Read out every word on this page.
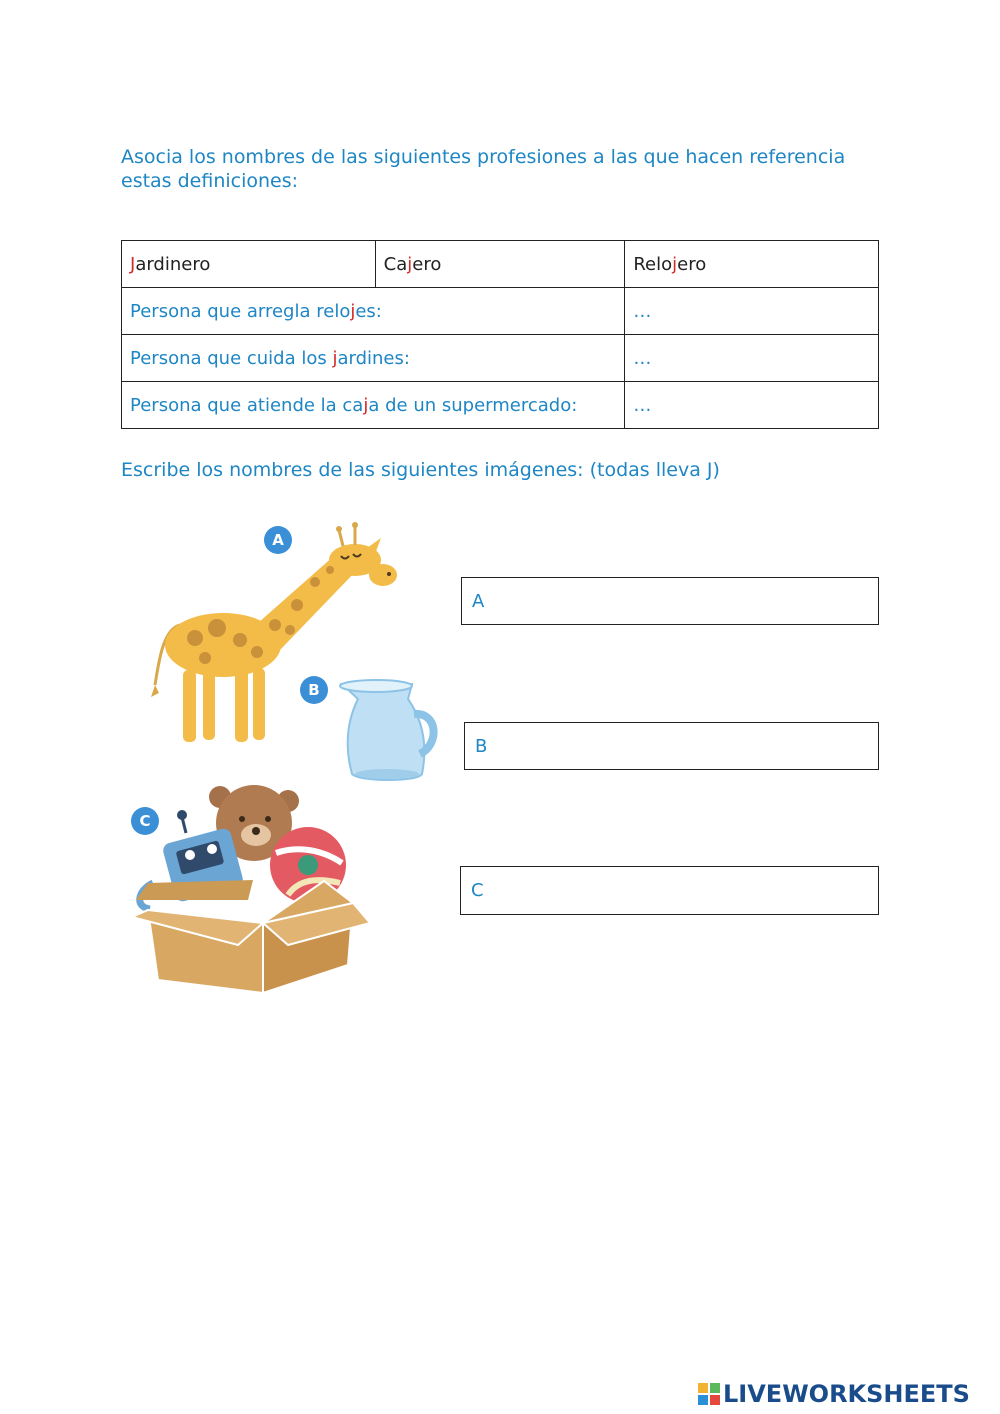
Asocia los nombres de las siguientes profesiones a las que hacen referencia estas definiciones:
Jardinero	Cajero	Relojero
Persona que arregla relojes:		…
Persona que cuida los jardines:		…
Persona que atiende la caja de un supermercado:		…
Escribe los nombres de las siguientes imágenes: (todas lleva J)
A
B
C
A
B
C
LIVEWORKSHEETS
